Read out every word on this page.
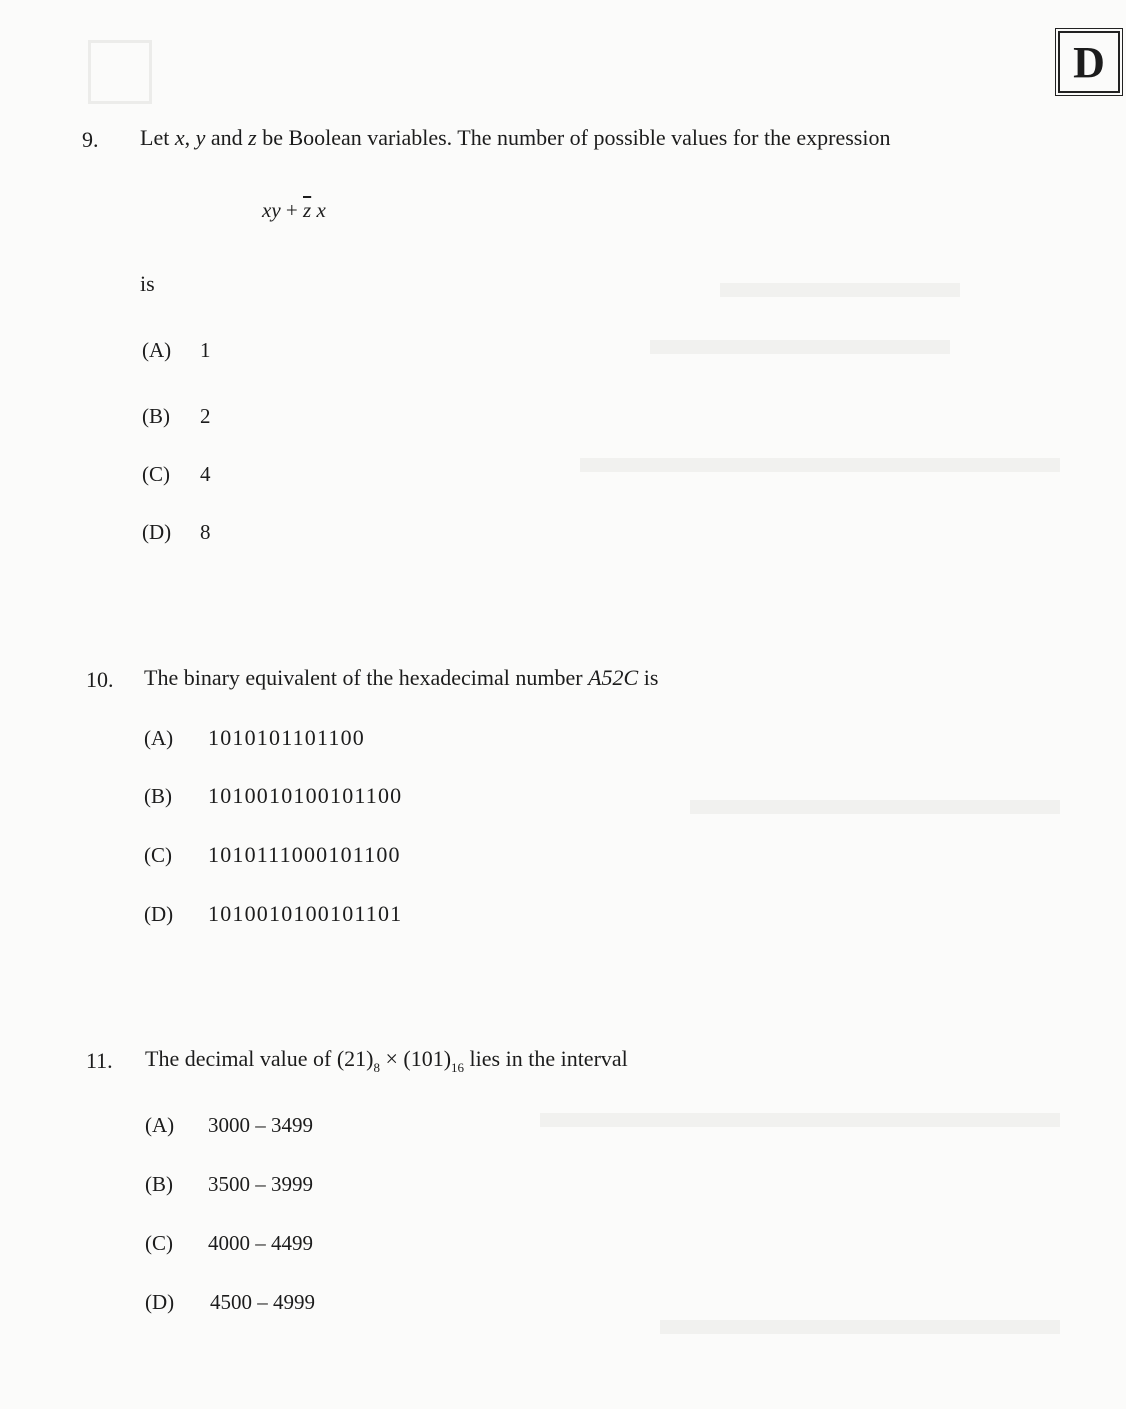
D
9. Let x, y and z be Boolean variables. The number of possible values for the expression
xy + $\overline{z}$ x
is
(A) 1
(B) 2
(C) 4
(D) 8
10. The binary equivalent of the hexadecimal number A52C is
(A) 1010101101100
(B) 1010010100101100
(C) 1010111000101100
(D) 1010010100101101
11. The decimal value of $(21)_8 \times (101)_{16}$ lies in the interval
(A) 3000 – 3499
(B) 3500 – 3999
(C) 4000 – 4499
(D) 4500 – 4999
